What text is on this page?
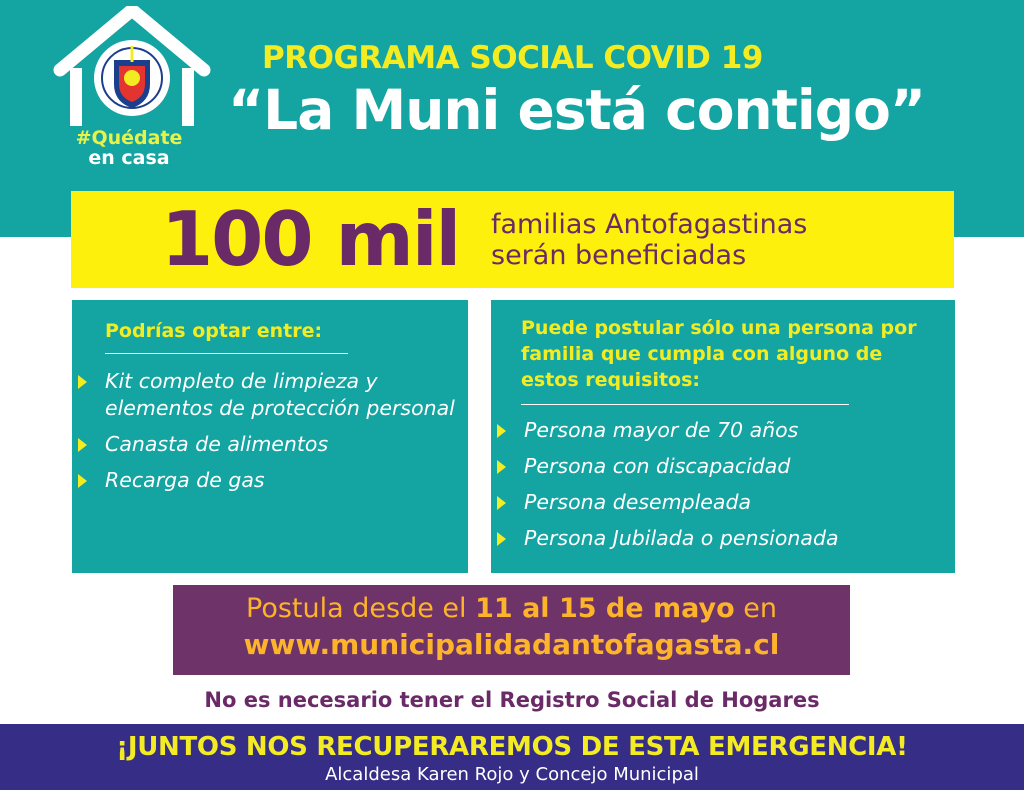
#Quédate
en casa
PROGRAMA SOCIAL COVID 19
“La Muni está contigo”
100 mil familias Antofagastinas
serán beneficiadas
Podrías optar entre:
Kit completo de limpieza y elementos de protección personal
Canasta de alimentos
Recarga de gas
Puede postular sólo una persona por familia que cumpla con alguno de estos requisitos:
Persona mayor de 70 años
Persona con discapacidad
Persona desempleada
Persona Jubilada o pensionada
Postula desde el 11 al 15 de mayo en
www.municipalidadantofagasta.cl
No es necesario tener el Registro Social de Hogares
¡JUNTOS NOS RECUPERAREMOS DE ESTA EMERGENCIA!
Alcaldesa Karen Rojo y Concejo Municipal
